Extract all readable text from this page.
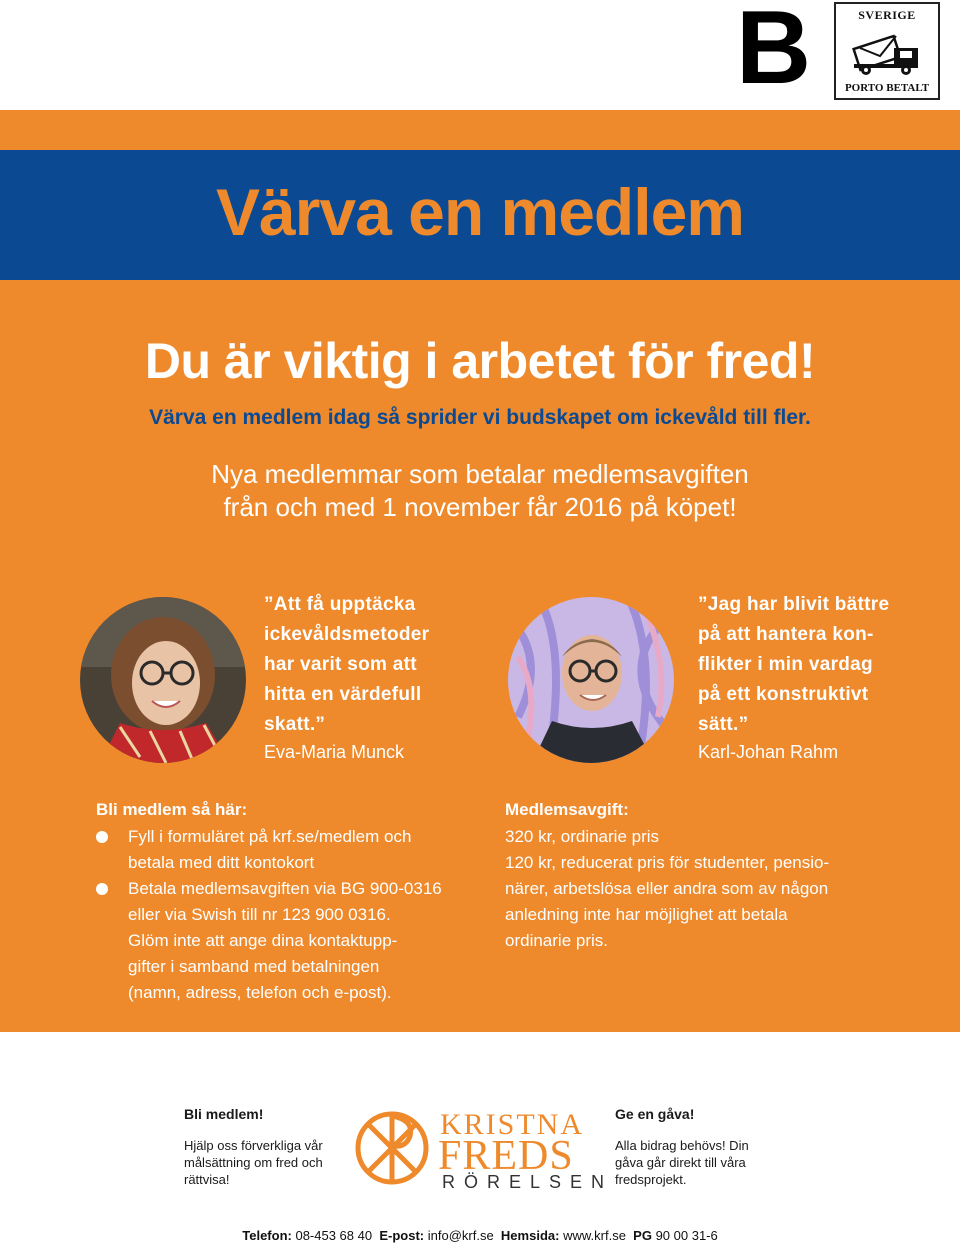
B	SVERIGE
PORTO BETALT
Värva en medlem
Du är viktig i arbetet för fred!
Värva en medlem idag så sprider vi budskapet om ickevåld till fler.
Nya medlemmar som betalar medlemsavgiften
från och med 1 november får 2016 på köpet!
”Att få upptäcka
ickevåldsmetoder
har varit som att
hitta en värdefull
skatt.”
Eva-Maria Munck
”Jag har blivit bättre
på att hantera kon-
flikter i min vardag
på ett konstruktivt
sätt.”
Karl-Johan Rahm
Bli medlem så här:
Fyll i formuläret på krf.se/medlem och
betala med ditt kontokort
Betala medlemsavgiften via BG 900-0316
eller via Swish till nr 123 900 0316.
Glöm inte att ange dina kontaktupp-
gifter i samband med betalningen
(namn, adress, telefon och e-post).
Medlemsavgift:
320 kr, ordinarie pris
120 kr, reducerat pris för studenter, pensio-
närer, arbetslösa eller andra som av någon
anledning inte har möjlighet att betala
ordinarie pris.
Bli medlem!
Hjälp oss förverkliga vår
målsättning om fred och
rättvisa!
KRISTNA
FREDS
RÖRELSEN
Ge en gåva!
Alla bidrag behövs! Din
gåva går direkt till våra
fredsprojekt.
Telefon: 08-453 68 40 E-post: info@krf.se Hemsida: www.krf.se PG 90 00 31-6
